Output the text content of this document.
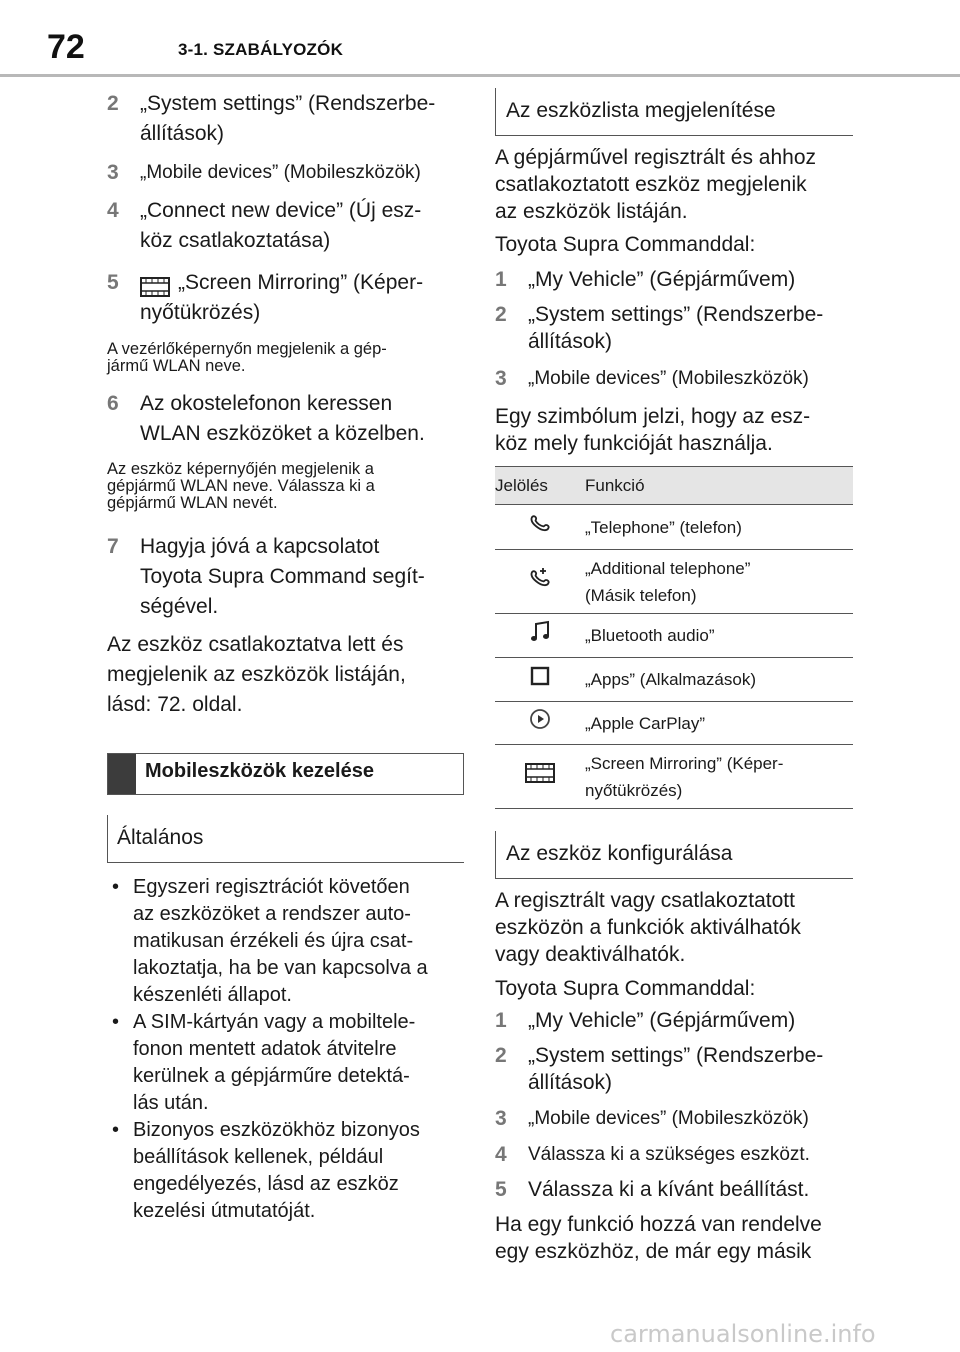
72	3-1. SZABÁLYOZÓK
2 „System settings” (Rendszerbe-
állítások)
3 „Mobile devices” (Mobileszközök)
4 „Connect new device” (Új esz-
köz csatlakoztatása)
5	„Screen Mirroring” (Képer-
nyőtükrözés)
A vezérlőképernyőn megjelenik a gép-
jármű WLAN neve.
6 Az okostelefonon keressen
WLAN eszközöket a közelben.
Az eszköz képernyőjén megjelenik a
gépjármű WLAN neve. Válassza ki a
gépjármű WLAN nevét.
7 Hagyja jóvá a kapcsolatot
Toyota Supra Command segít-
ségével.
Az eszköz csatlakoztatva lett és
megjelenik az eszközök listáján,
lásd: 72. oldal.
Mobileszközök kezelése
Általános
• Egyszeri regisztrációt követően
az eszközöket a rendszer auto-
matikusan érzékeli és újra csat-
lakoztatja, ha be van kapcsolva a
készenléti állapot.
• A SIM-kártyán vagy a mobiltele-
fonon mentett adatok átvitelre
kerülnek a gépjárműre detektá-
lás után.
• Bizonyos eszközökhöz bizonyos
beállítások kellenek, például
engedélyezés, lásd az eszköz
kezelési útmutatóját.
Az eszközlista megjelenítése
A gépjárművel regisztrált és ahhoz
csatlakoztatott eszköz megjelenik
az eszközök listáján.
Toyota Supra Commanddal:
1 „My Vehicle” (Gépjárművem)
2 „System settings” (Rendszerbe-
állítások)
3 „Mobile devices” (Mobileszközök)
Egy szimbólum jelzi, hogy az esz-
köz mely funkcióját használja.
Jelölés	Funkció
	„Telephone” (telefon)
	„Additional telephone”
(Másik telefon)
	„Bluetooth audio”
	„Apps” (Alkalmazások)
	„Apple CarPlay”
	„Screen Mirroring” (Képer-
nyőtükrözés)
Az eszköz konfigurálása
A regisztrált vagy csatlakoztatott
eszközön a funkciók aktiválhatók
vagy deaktiválhatók.
Toyota Supra Commanddal:
1 „My Vehicle” (Gépjárművem)
2 „System settings” (Rendszerbe-
állítások)
3 „Mobile devices” (Mobileszközök)
4 Válassza ki a szükséges eszközt.
5 Válassza ki a kívánt beállítást.
Ha egy funkció hozzá van rendelve
egy eszközhöz, de már egy másik
carmanualsonline.info
